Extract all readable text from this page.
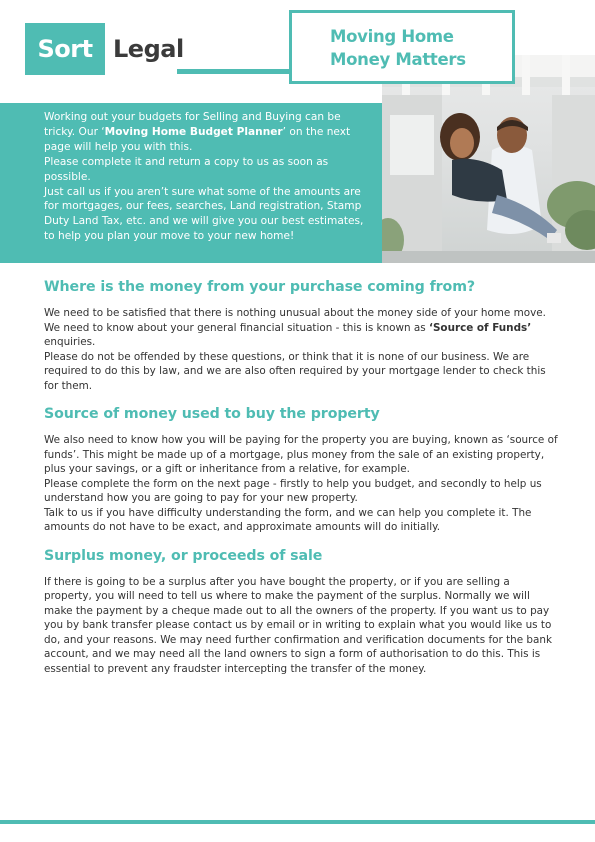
Sort Legal	Moving Home
Money Matters

Working out your budgets for Selling and Buying can be tricky. Our ‘Moving Home Budget Planner’ on the next page will help you with this.

Please complete it and return a copy to us as soon as possible.

Just call us if you aren’t sure what some of the amounts are for mortgages, our fees, searches, Land registration, Stamp Duty Land Tax, etc. and we will give you our best estimates, to help you plan your move to your new home!

Where is the money from your purchase coming from?

We need to be satisfied that there is nothing unusual about the money side of your home move. We need to know about your general financial situation - this is known as ‘Source of Funds’ enquiries.

Please do not be offended by these questions, or think that it is none of our business. We are required to do this by law, and we are also often required by your mortgage lender to check this for them.

Source of money used to buy the property

We also need to know how you will be paying for the property you are buying, known as ‘source of funds’. This might be made up of a mortgage, plus money from the sale of an existing property, plus your savings, or a gift or inheritance from a relative, for example.

Please complete the form on the next page - firstly to help you budget, and secondly to help us understand how you are going to pay for your new property.

Talk to us if you have difficulty understanding the form, and we can help you complete it. The amounts do not have to be exact, and approximate amounts will do initially.

Surplus money, or proceeds of sale

If there is going to be a surplus after you have bought the property, or if you are selling a property, you will need to tell us where to make the payment of the surplus. Normally we will make the payment by a cheque made out to all the owners of the property. If you want us to pay you by bank transfer please contact us by email or in writing to explain what you would like us to do, and your reasons. We may need further confirmation and verification documents for the bank account, and we may need all the land owners to sign a form of authorisation to do this. This is essential to prevent any fraudster intercepting the transfer of the money.
